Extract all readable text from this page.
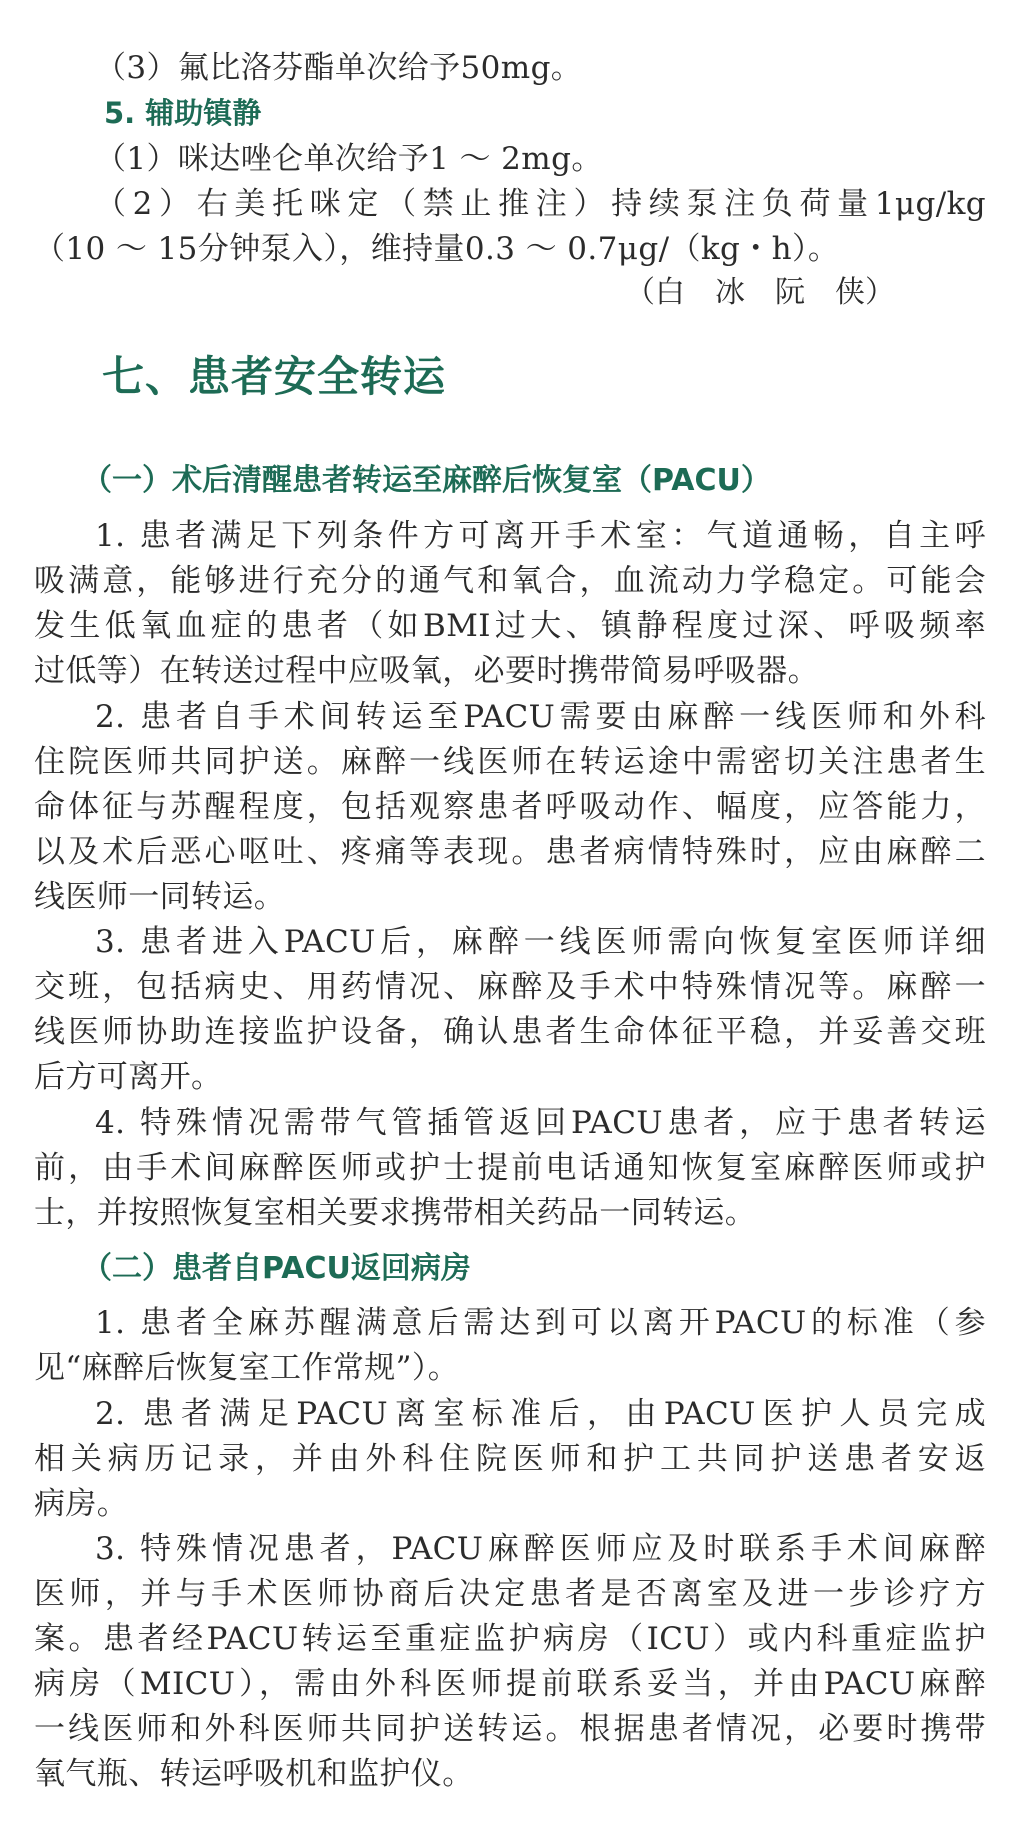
（3）氟比洛芬酯单次给予50mg。
5. 辅助镇静
（1）咪达唑仑单次给予1 ～ 2mg。
（2）右美托咪定（禁止推注）持续泵注负荷量1μg/kg
（10 ～ 15分钟泵入），维持量0.3 ～ 0.7μg/（kg・h）。
（白　冰　阮　侠）
七、患者安全转运
（一）术后清醒患者转运至麻醉后恢复室（PACU）
1. 患者满足下列条件方可离开手术室：气道通畅，自主呼
吸满意，能够进行充分的通气和氧合，血流动力学稳定。可能会
发生低氧血症的患者（如BMI过大、镇静程度过深、呼吸频率
过低等）在转送过程中应吸氧，必要时携带简易呼吸器。
2. 患者自手术间转运至PACU需要由麻醉一线医师和外科
住院医师共同护送。麻醉一线医师在转运途中需密切关注患者生
命体征与苏醒程度，包括观察患者呼吸动作、幅度，应答能力，
以及术后恶心呕吐、疼痛等表现。患者病情特殊时，应由麻醉二
线医师一同转运。
3. 患者进入PACU后，麻醉一线医师需向恢复室医师详细
交班，包括病史、用药情况、麻醉及手术中特殊情况等。麻醉一
线医师协助连接监护设备，确认患者生命体征平稳，并妥善交班
后方可离开。
4. 特殊情况需带气管插管返回PACU患者，应于患者转运
前，由手术间麻醉医师或护士提前电话通知恢复室麻醉医师或护
士，并按照恢复室相关要求携带相关药品一同转运。
（二）患者自PACU返回病房
1. 患者全麻苏醒满意后需达到可以离开PACU的标准（参
见“麻醉后恢复室工作常规”）。
2. 患者满足PACU离室标准后，由PACU医护人员完成
相关病历记录，并由外科住院医师和护工共同护送患者安返
病房。
3. 特殊情况患者，PACU麻醉医师应及时联系手术间麻醉
医师，并与手术医师协商后决定患者是否离室及进一步诊疗方
案。患者经PACU转运至重症监护病房（ICU）或内科重症监护
病房（MICU），需由外科医师提前联系妥当，并由PACU麻醉
一线医师和外科医师共同护送转运。根据患者情况，必要时携带
氧气瓶、转运呼吸机和监护仪。
